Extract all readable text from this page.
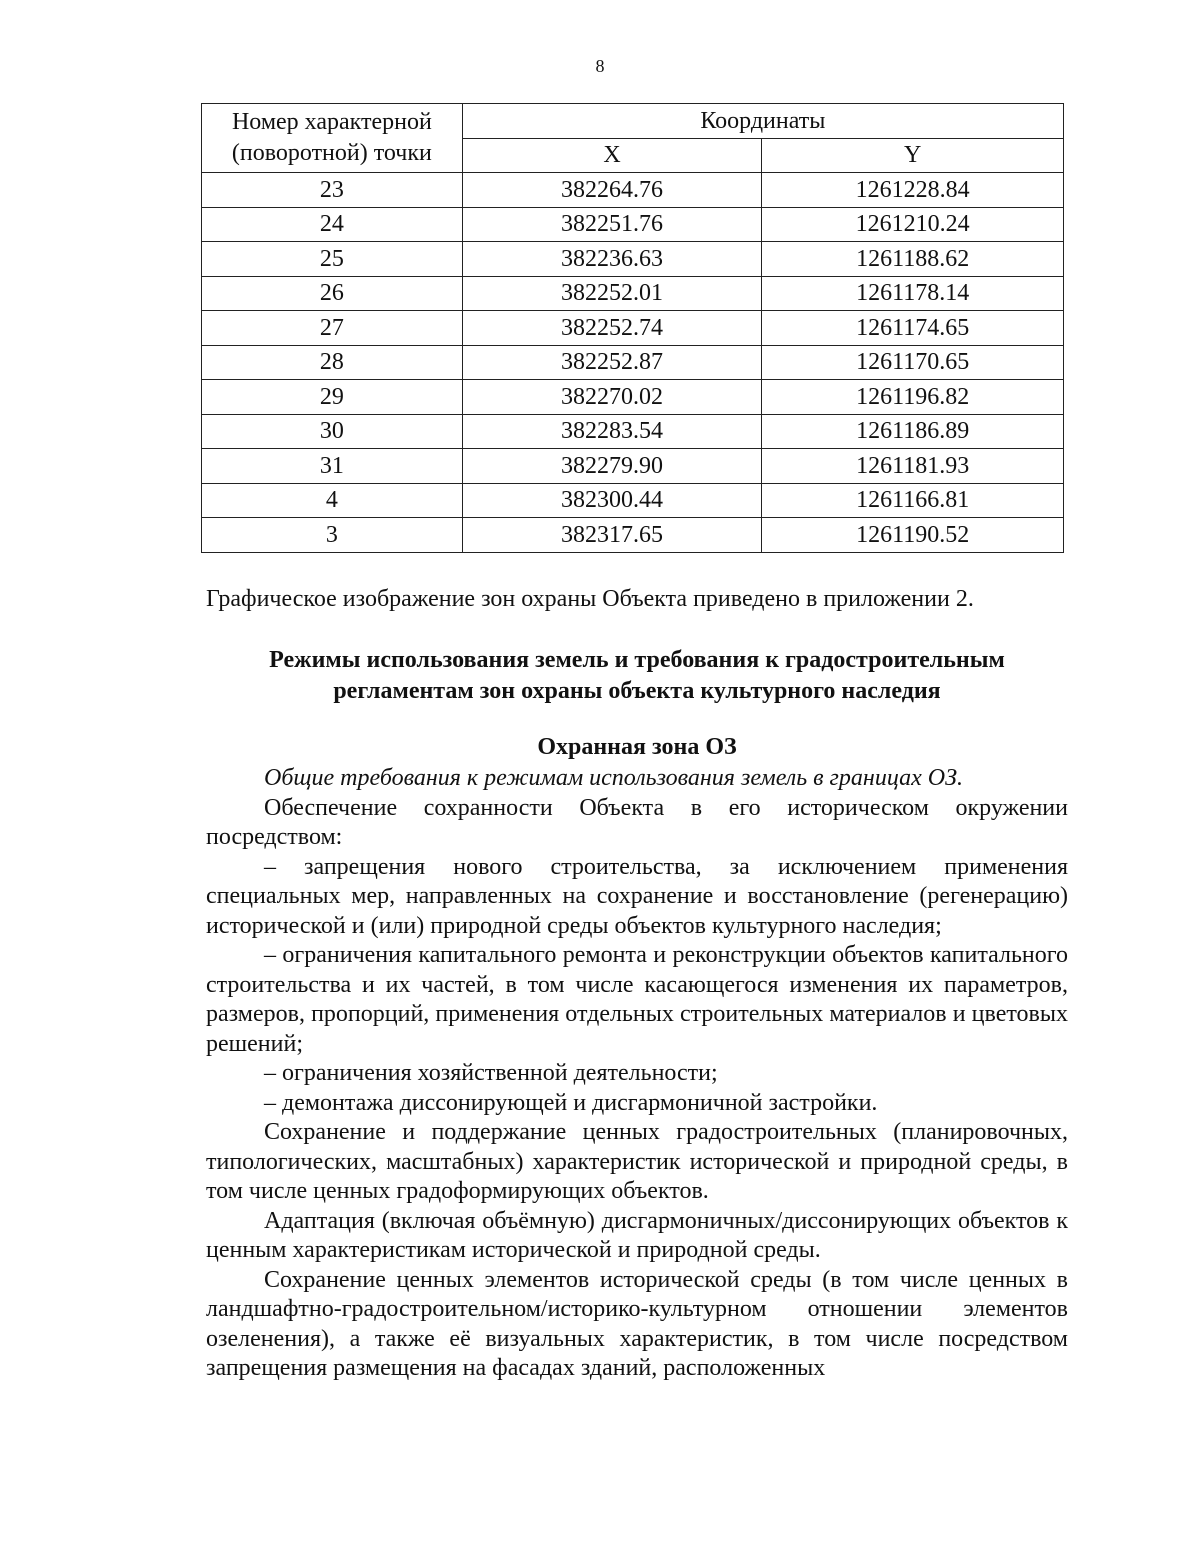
8
Номер характерной (поворотной) точки	Координаты	
	X	Y
23	382264.76	1261228.84
24	382251.76	1261210.24
25	382236.63	1261188.62
26	382252.01	1261178.14
27	382252.74	1261174.65
28	382252.87	1261170.65
29	382270.02	1261196.82
30	382283.54	1261186.89
31	382279.90	1261181.93
4	382300.44	1261166.81
3	382317.65	1261190.52
Графическое изображение зон охраны Объекта приведено в приложении 2.
Режимы использования земель и требования к градостроительным регламентам зон охраны объекта культурного наследия
Охранная зона ОЗ

Общие требования к режимам использования земель в границах ОЗ.

Обеспечение сохранности Объекта в его историческом окружении посредством:

– запрещения нового строительства, за исключением применения специальных мер, направленных на сохранение и восстановление (регенерацию) исторической и (или) природной среды объектов культурного наследия;

– ограничения капитального ремонта и реконструкции объектов капитального строительства и их частей, в том числе касающегося изменения их параметров, размеров, пропорций, применения отдельных строительных материалов и цветовых решений;

– ограничения хозяйственной деятельности;

– демонтажа диссонирующей и дисгармоничной застройки.

Сохранение и поддержание ценных градостроительных (планировочных, типологических, масштабных) характеристик исторической и природной среды, в том числе ценных градоформирующих объектов.

Адаптация (включая объёмную) дисгармоничных/диссонирующих объектов к ценным характеристикам исторической и природной среды.

Сохранение ценных элементов исторической среды (в том числе ценных в ландшафтно-градостроительном/историко-культурном отношении элементов озеленения), а также её визуальных характеристик, в том числе посредством запрещения размещения на фасадах зданий, расположенных
